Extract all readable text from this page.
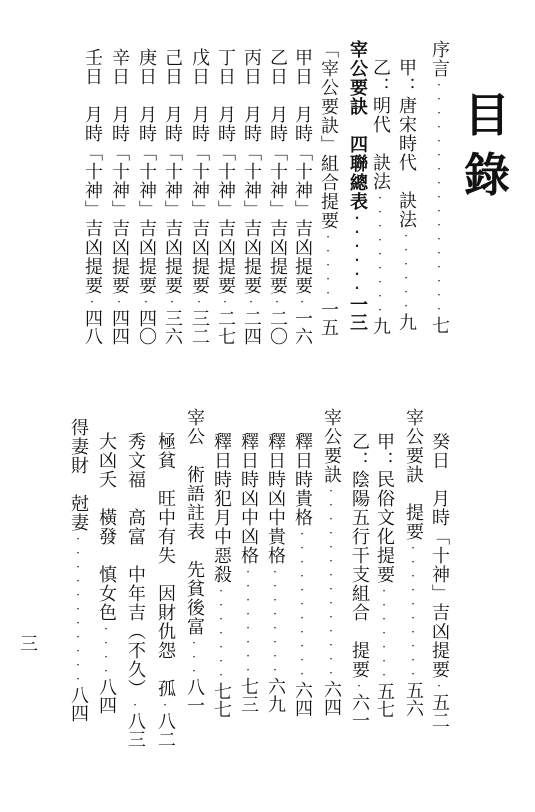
目
錄
序言·················七
甲：唐宋時代　訣法······九
乙：明代　訣法·········九
宰公要訣　四聯總表······一三
「宰公要訣」組合提要·····一五
甲日　月時「十神」吉凶提要·一六
乙日　月時「十神」吉凶提要·二〇
丙日　月時「十神」吉凶提要·二四
丁日　月時「十神」吉凶提要·二七
戊日　月時「十神」吉凶提要·三二
己日　月時「十神」吉凶提要·三六
庚日　月時「十神」吉凶提要·四〇
辛日　月時「十神」吉凶提要·四四
壬日　月時「十神」吉凶提要·四八
癸日　月時「十神」吉凶提要·五二
宰公要訣　提要··········五六
甲：民俗文化提要·······五七
乙：陰陽五行干支組合　提要·六一
宰公要訣··············六四
釋日時貴格···········六四
釋日時凶中貴格········六九
釋日時凶中凶格········七三
釋日時犯月中惡殺·······七七
宰公　術語註表　先貧後富···八一
極貧　旺中有失　因財仇怨　孤·八二
秀文福　高富　中年吉（不久）·八三
大凶夭　橫發　慎女色····八四
得妻財　尅妻···········八四
三
